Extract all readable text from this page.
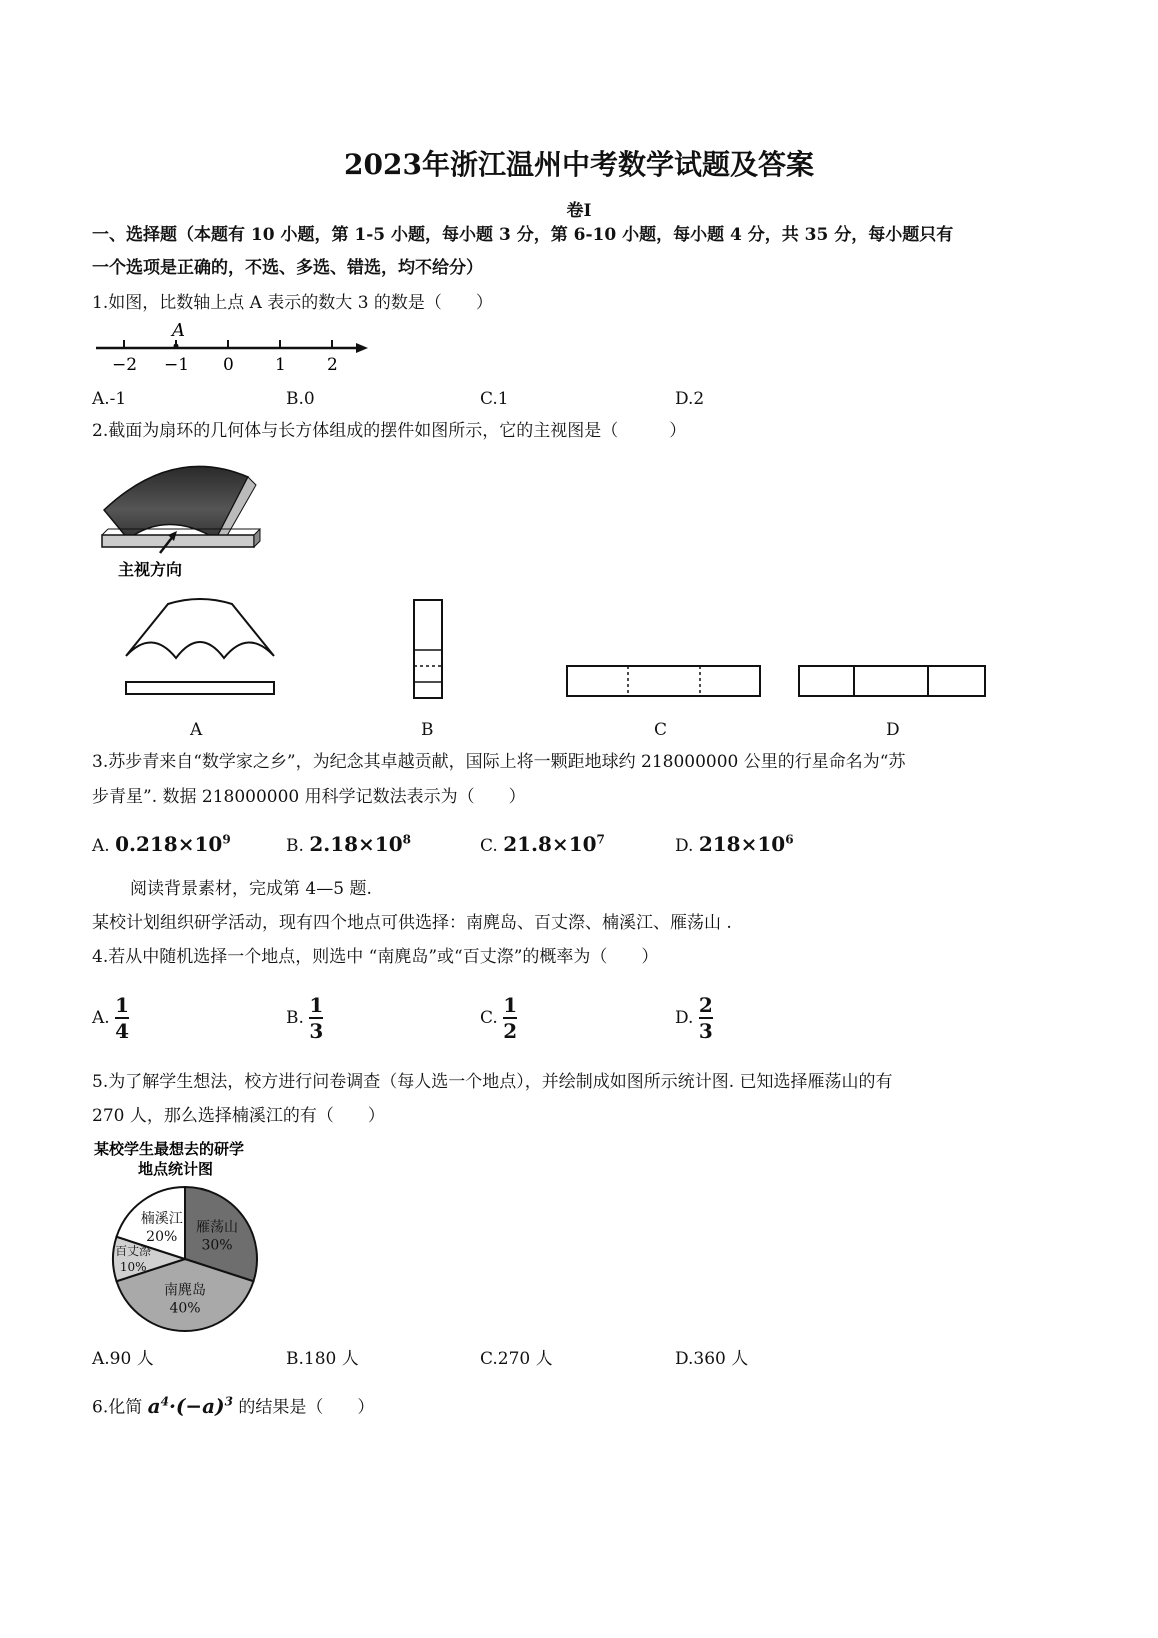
2023年浙江温州中考数学试题及答案
卷I
一、选择题（本题有 10 小题，第 1-5 小题，每小题 3 分，第 6-10 小题，每小题 4 分，共 35 分，每小题只有
一个选项是正确的，不选、多选、错选，均不给分）
1.如图，比数轴上点 A 表示的数大 3 的数是（　　）
A
−2 −1 0 1 2
A.-1	B.0	C.1	D.2
2.截面为扇环的几何体与长方体组成的摆件如图所示，它的主视图是（　　　）
主视方向
A	B	C	D
3.苏步青来自“数学家之乡”，为纪念其卓越贡献，国际上将一颗距地球约 218000000 公里的行星命名为“苏
步青星”. 数据 218000000 用科学记数法表示为（　　）
A. $0.218\times 10^9$	B. $2.18\times 10^8$	C. $21.8\times 10^7$	D. $218\times 10^6$
阅读背景素材，完成第 4—5 题.
某校计划组织研学活动，现有四个地点可供选择：南麂岛、百丈漈、楠溪江、雁荡山 .
4.若从中随机选择一个地点，则选中 “南麂岛”或“百丈漈”的概率为（　　）
A. $\frac{1}{4}$	B. $\frac{1}{3}$	C. $\frac{1}{2}$	D. $\frac{2}{3}$
5.为了解学生想法，校方进行问卷调查（每人选一个地点），并绘制成如图所示统计图. 已知选择雁荡山的有
270 人，那么选择楠溪江的有（　　）
某校学生最想去的研学
地点统计图
雁荡山
30%
南麂岛
40%
百丈漈
10%
楠溪江
20%
A.90 人	B.180 人	C.270 人	D.360 人
6.化简 $a^4\cdot(-a)^3$ 的结果是（　　）
